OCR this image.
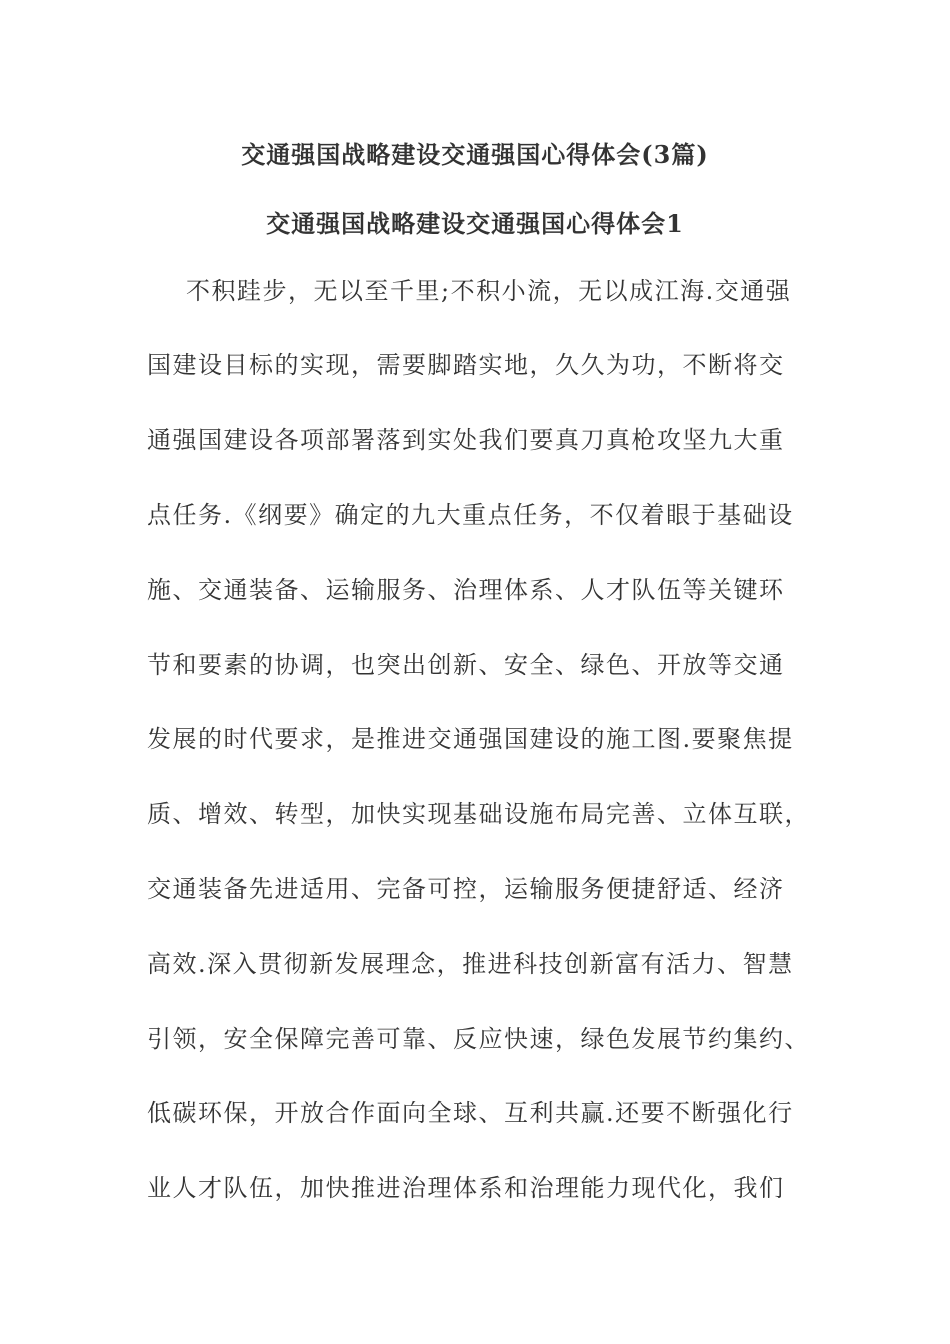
交通强国战略建设交通强国心得体会(3篇)
交通强国战略建设交通强国心得体会1
不积跬步，无以至千里;不积小流，无以成江海.交通强
国建设目标的实现，需要脚踏实地，久久为功，不断将交
通强国建设各项部署落到实处我们要真刀真枪攻坚九大重
点任务.《纲要》确定的九大重点任务，不仅着眼于基础设
施、交通装备、运输服务、治理体系、人才队伍等关键环
节和要素的协调，也突出创新、安全、绿色、开放等交通
发展的时代要求，是推进交通强国建设的施工图.要聚焦提
质、增效、转型，加快实现基础设施布局完善、立体互联，
交通装备先进适用、完备可控，运输服务便捷舒适、经济
高效.深入贯彻新发展理念，推进科技创新富有活力、智慧
引领，安全保障完善可靠、反应快速，绿色发展节约集约、
低碳环保，开放合作面向全球、互利共赢.还要不断强化行
业人才队伍，加快推进治理体系和治理能力现代化，我们
